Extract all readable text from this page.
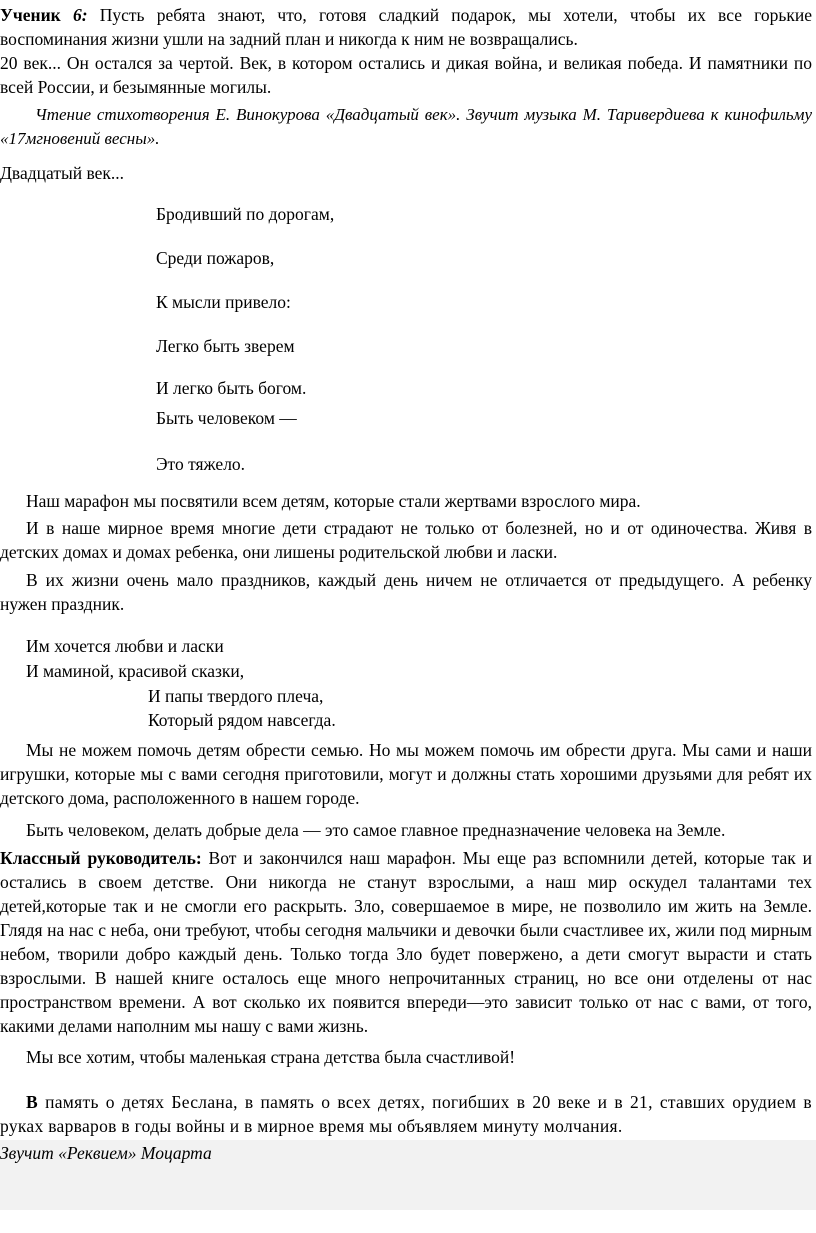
Ученик 6: Пусть ребята знают, что, готовя сладкий подарок, мы хотели, чтобы их все горькие воспоминания жизни ушли на задний план и никогда к ним не возвращались.

20 век... Он остался за чертой. Век, в котором остались и дикая война, и великая победа. И памятники по всей России, и безымянные могилы.

Чтение стихотворения Е. Винокурова «Двадцатый век». Звучит музыка М. Таривердиева к кинофильму «17мгновений весны».

Двадцатый век...

Бродивший по дорогам,

Среди пожаров,

К мысли привело:

Легко быть зверем

И легко быть богом.

Быть человеком —

Это тяжело.

Наш марафон мы посвятили всем детям, которые стали жертвами взрослого мира.

И в наше мирное время многие дети страдают не только от болезней, но и от одиночества. Живя в детских домах и домах ребенка, они лишены родительской любви и ласки.

В их жизни очень мало праздников, каждый день ничем не отличается от предыдущего. А ребенку нужен праздник.

Им хочется любви и ласки

И маминой, красивой сказки,

И папы твердого плеча,

Который рядом навсегда.

Мы не можем помочь детям обрести семью. Но мы можем помочь им обрести друга. Мы сами и наши игрушки, которые мы с вами сегодня приготовили, могут и должны стать хорошими друзьями для ребят их детского дома, расположенного в нашем городе.

Быть человеком, делать добрые дела — это самое главное предназначение человека на Земле.

Классный руководитель: Вот и закончился наш марафон. Мы еще раз вспомнили детей, которые так и остались в своем детстве. Они никогда не станут взрослыми, а наш мир оскудел талантами тех детей,которые так и не смогли его раскрыть. Зло, совершаемое в мире, не позволило им жить на Земле. Глядя на нас с неба, они требуют, чтобы сегодня мальчики и девочки были счастливее их, жили под мирным небом, творили добро каждый день. Только тогда Зло будет повержено, а дети смогут вырасти и стать взрослыми. В нашей книге осталось еще много непрочитанных страниц, но все они отделены от нас пространством времени. А вот сколько их появится впереди—это зависит только от нас с вами, от того, какими делами наполним мы нашу с вами жизнь.

Мы все хотим, чтобы маленькая страна детства была счастливой!

В память о детях Беслана, в память о всех детях, погибших в 20 веке и в 21, ставших орудием в руках варваров в годы войны и в мирное время мы объявляем минуту молчания.

Звучит «Реквием» Моцарта
